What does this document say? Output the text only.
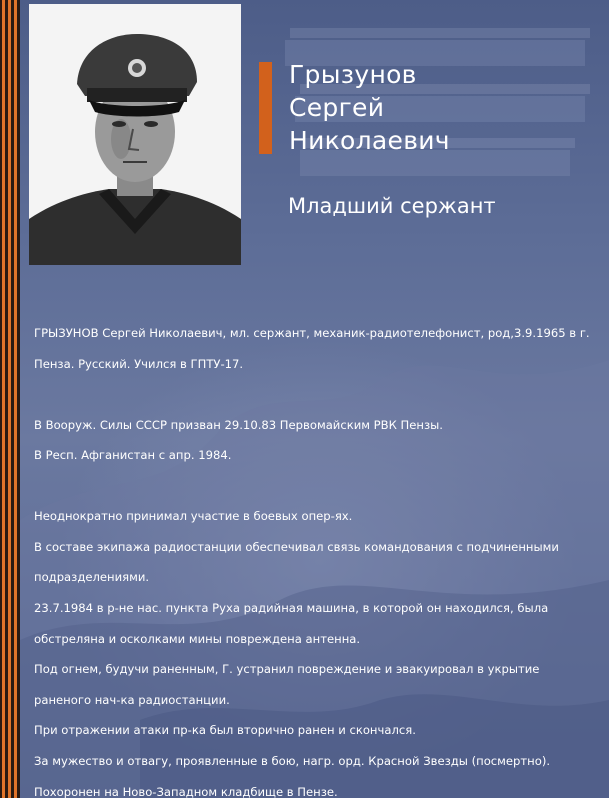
Грызунов
Сергей
Николаевич
Младший сержант

ГРЫЗУНОВ Сергей Николаевич, мл. сержант, механик-радиотелефонист, род,3.9.1965 в г.

Пенза. Русский. Учился в ГПТУ-17.

В Вооруж. Силы СССР призван 29.10.83 Первомайским РВК Пензы.

В Респ. Афганистан с апр. 1984.

Неоднократно принимал участие в боевых опер-ях.

В составе экипажа радиостанции обеспечивал связь командования с подчиненными

подразделениями.

23.7.1984 в р-не нас. пункта Руха радийная машина, в которой он находился, была

обстреляна и осколками мины повреждена антенна.

Под огнем, будучи раненным, Г. устранил повреждение и эвакуировал в укрытие

раненого нач-ка радиостанции.

При отражении атаки пр-ка был вторично ранен и скончался.

За мужество и отвагу, проявленные в бою, нагр. орд. Красной Звезды (посмертно).

Похоронен на Ново-Западном кладбище в Пензе.
